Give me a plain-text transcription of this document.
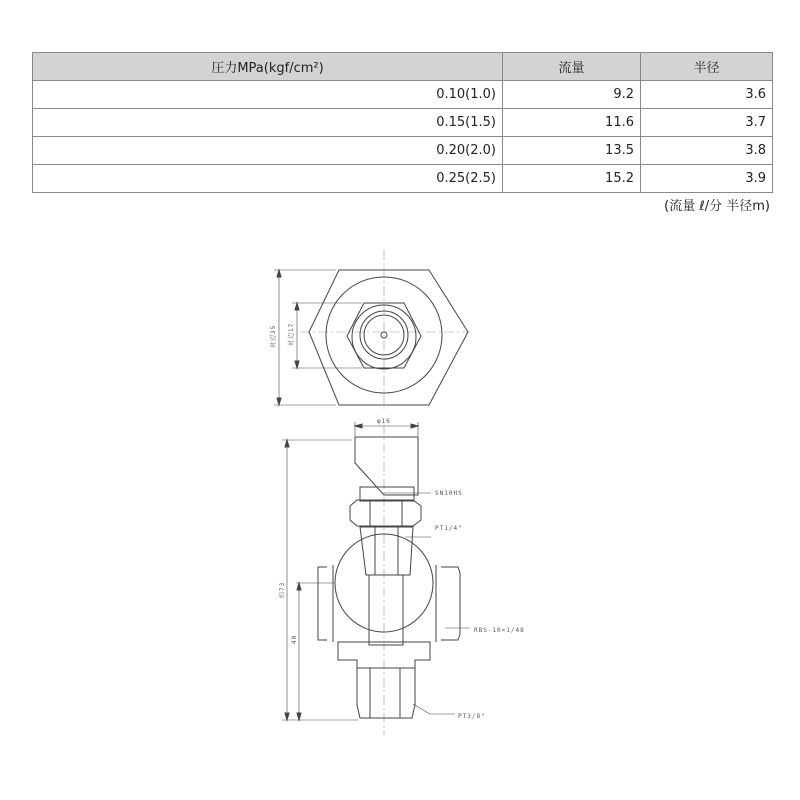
圧力MPa(kgf/cm²)	流量	半径
0.10(1.0)	9.2	3.6
0.15(1.5)	11.6	3.7
0.20(2.0)	13.5	3.8
0.25(2.5)	15.2	3.9
(流量 ℓ/分 半径m)
対辺35 対辺17
φ16
SN10HS
PT1/4"
RBS-10×1/48
PT3/8"
約73
40
